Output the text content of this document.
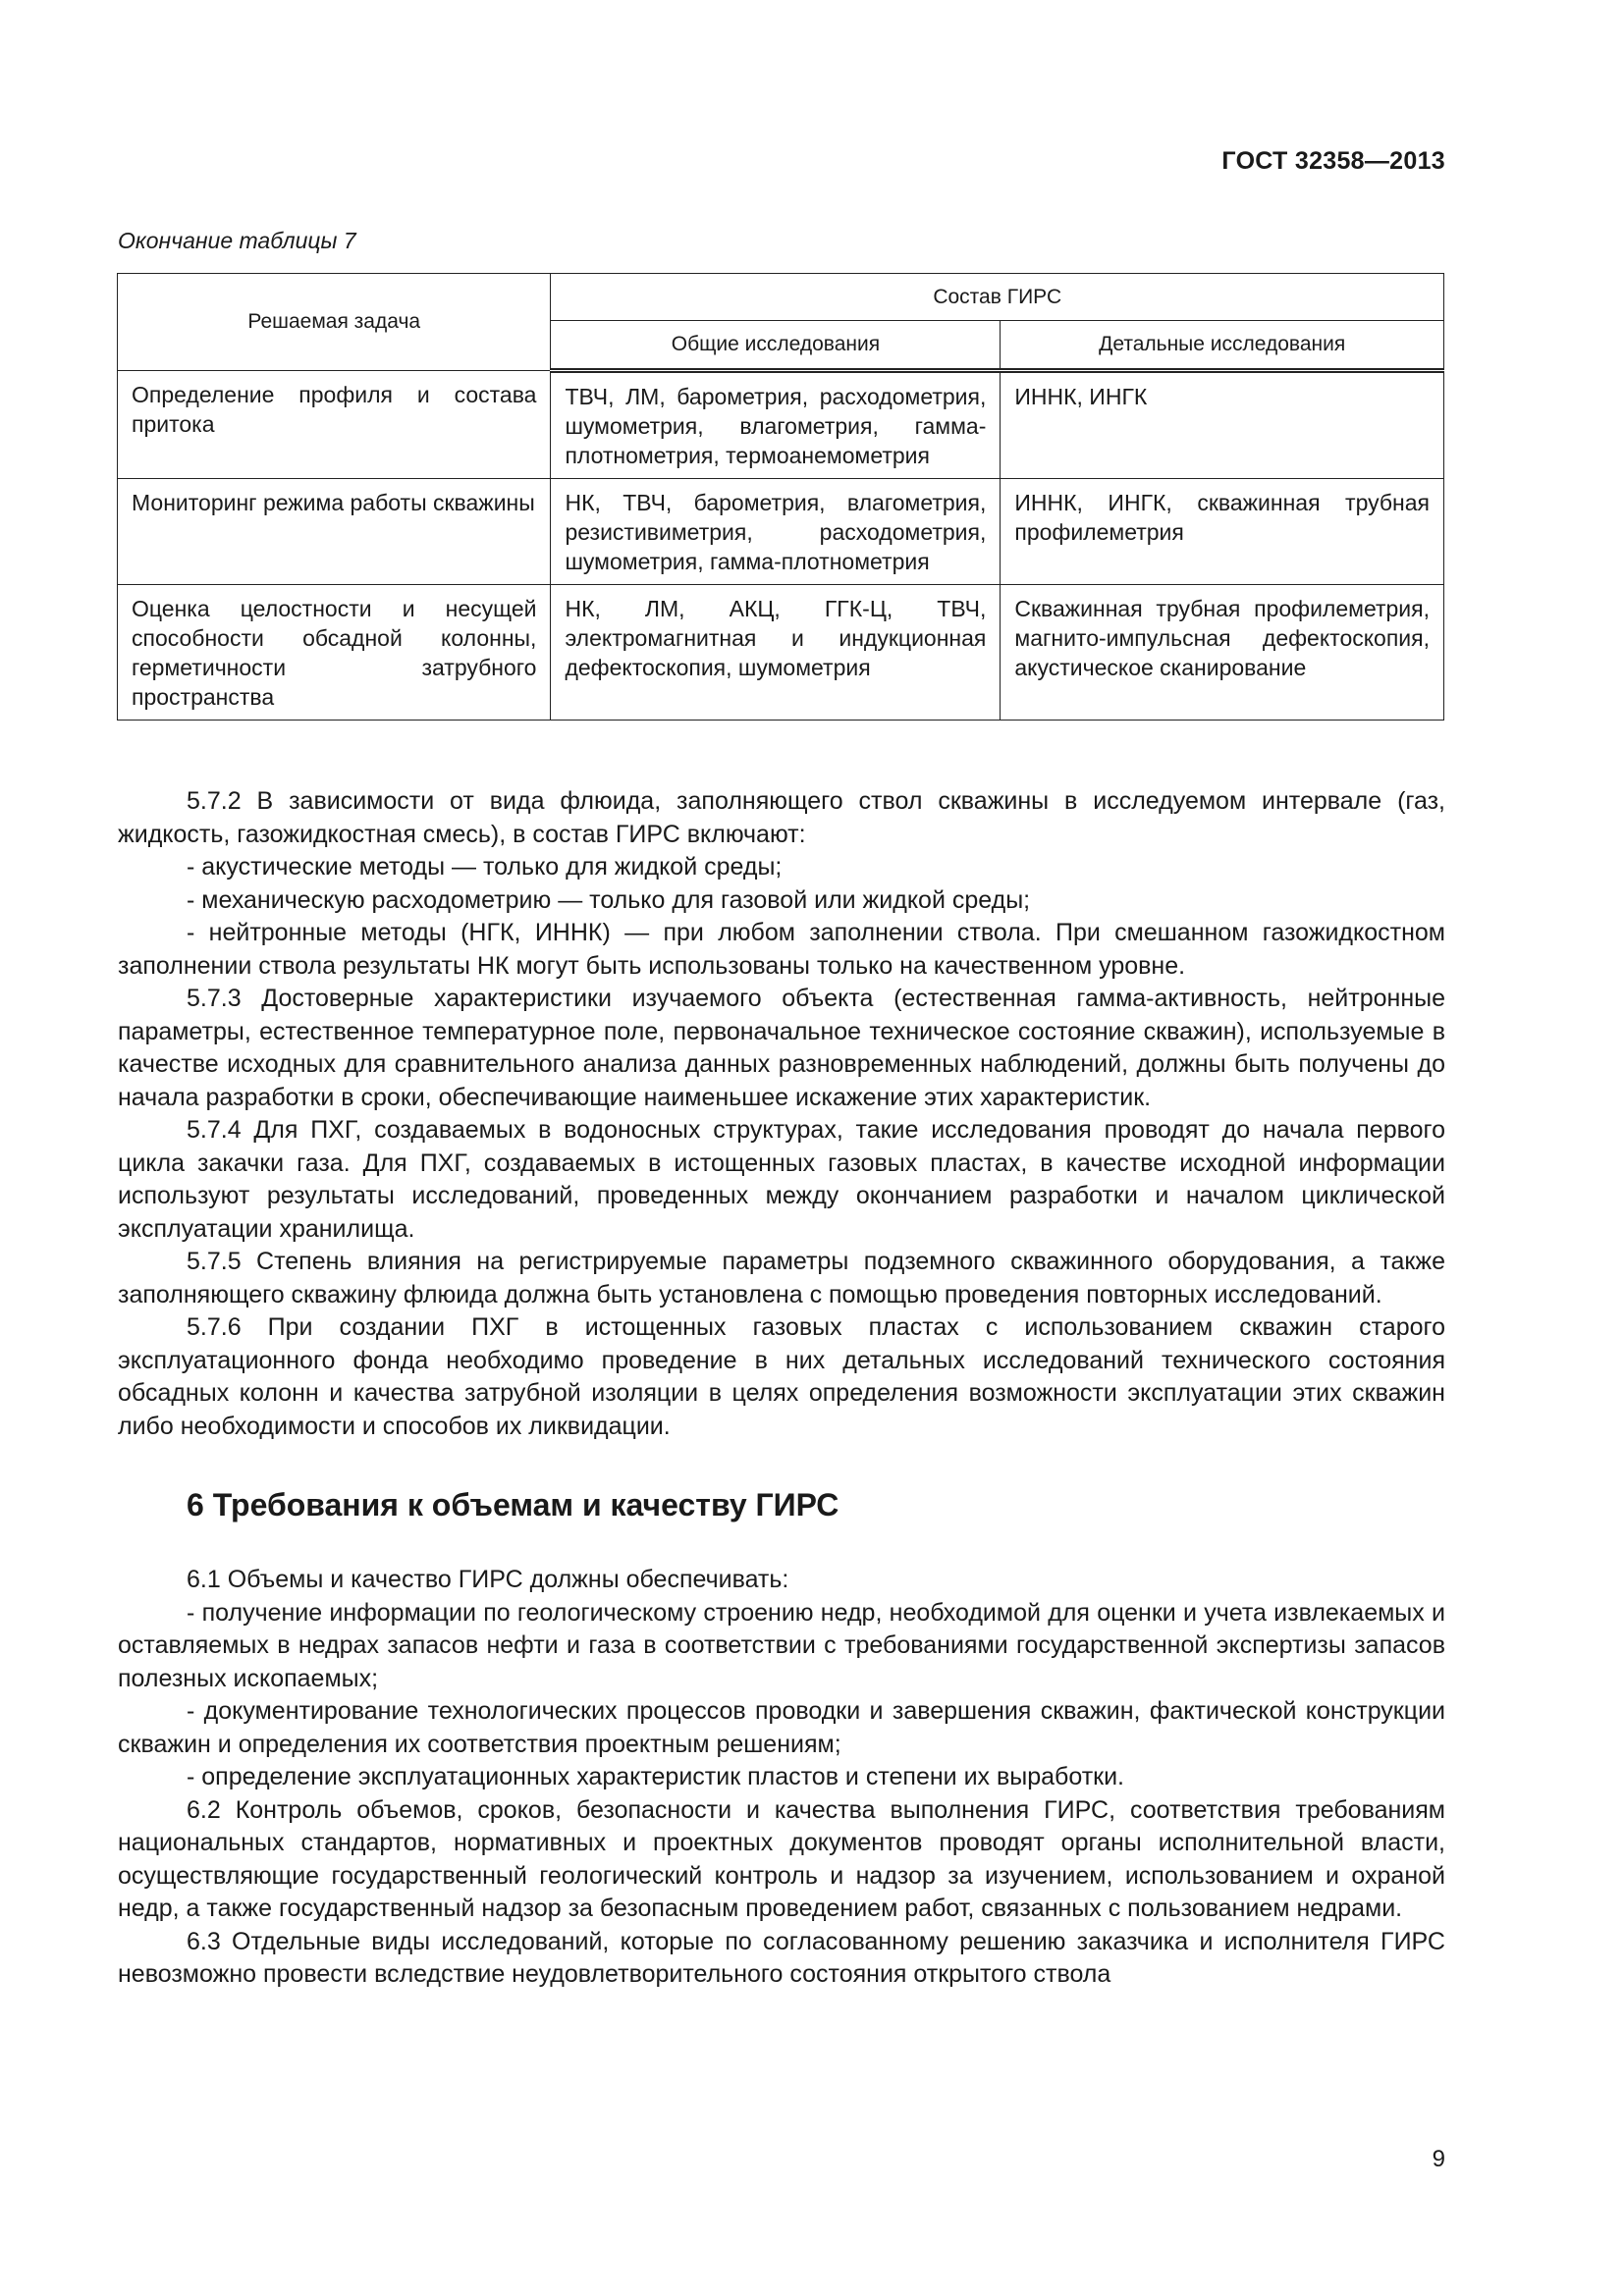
ГОСТ 32358—2013
Окончание таблицы 7
Решаемая задача	Состав ГИРС	
	Общие исследования	Детальные исследования
Определение профиля и состава притока	ТВЧ, ЛМ, барометрия, расходометрия, шумометрия, влагометрия, гамма-плотнометрия, термоанемометрия	ИННК, ИНГК
Мониторинг режима работы скважины	НК, ТВЧ, барометрия, влагометрия, резистивиметрия, расходометрия, шумометрия, гамма-плотнометрия	ИННК, ИНГК, скважинная трубная профилеметрия
Оценка целостности и несущей способности обсадной колонны, герметичности затрубного пространства	НК, ЛМ, АКЦ, ГГК-Ц, ТВЧ, электромагнитная и индукционная дефектоскопия, шумометрия	Скважинная трубная профилеметрия, магнито-импульсная дефектоскопия, акустическое сканирование

5.7.2 В зависимости от вида флюида, заполняющего ствол скважины в исследуемом интервале (газ, жидкость, газожидкостная смесь), в состав ГИРС включают:

- акустические методы — только для жидкой среды;

- механическую расходометрию — только для газовой или жидкой среды;

- нейтронные методы (НГК, ИННК) — при любом заполнении ствола. При смешанном газожидкостном заполнении ствола результаты НК могут быть использованы только на качественном уровне.

5.7.3 Достоверные характеристики изучаемого объекта (естественная гамма-активность, нейтронные параметры, естественное температурное поле, первоначальное техническое состояние скважин), используемые в качестве исходных для сравнительного анализа данных разновременных наблюдений, должны быть получены до начала разработки в сроки, обеспечивающие наименьшее искажение этих характеристик.

5.7.4 Для ПХГ, создаваемых в водоносных структурах, такие исследования проводят до начала первого цикла закачки газа. Для ПХГ, создаваемых в истощенных газовых пластах, в качестве исходной информации используют результаты исследований, проведенных между окончанием разработки и началом циклической эксплуатации хранилища.

5.7.5 Степень влияния на регистрируемые параметры подземного скважинного оборудования, а также заполняющего скважину флюида должна быть установлена с помощью проведения повторных исследований.

5.7.6 При создании ПХГ в истощенных газовых пластах с использованием скважин старого эксплуатационного фонда необходимо проведение в них детальных исследований технического состояния обсадных колонн и качества затрубной изоляции в целях определения возможности эксплуатации этих скважин либо необходимости и способов их ликвидации.

6 Требования к объемам и качеству ГИРС

6.1 Объемы и качество ГИРС должны обеспечивать:

- получение информации по геологическому строению недр, необходимой для оценки и учета извлекаемых и оставляемых в недрах запасов нефти и газа в соответствии с требованиями государственной экспертизы запасов полезных ископаемых;

- документирование технологических процессов проводки и завершения скважин, фактической конструкции скважин и определения их соответствия проектным решениям;

- определение эксплуатационных характеристик пластов и степени их выработки.

6.2 Контроль объемов, сроков, безопасности и качества выполнения ГИРС, соответствия требованиям национальных стандартов, нормативных и проектных документов проводят органы исполнительной власти, осуществляющие государственный геологический контроль и надзор за изучением, использованием и охраной недр, а также государственный надзор за безопасным проведением работ, связанных с пользованием недрами.

6.3 Отдельные виды исследований, которые по согласованному решению заказчика и исполнителя ГИРС невозможно провести вследствие неудовлетворительного состояния открытого ствола

9
